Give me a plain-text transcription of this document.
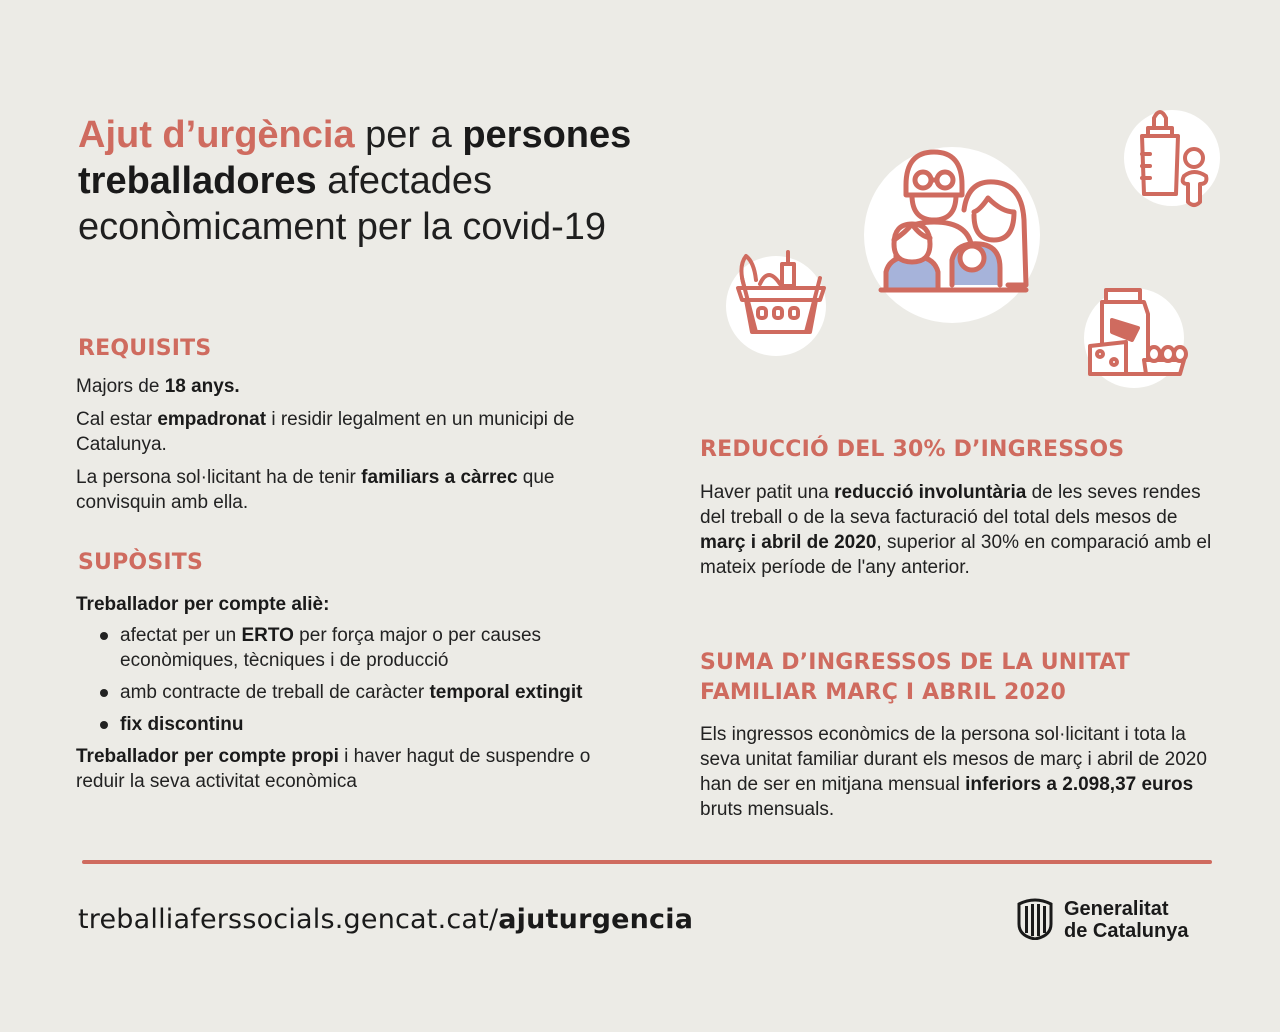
Ajut d’urgència per a persones
treballadores afectades
econòmicament per la covid-19
REQUISITS

Majors de 18 anys.

Cal estar empadronat i residir legalment en un municipi de Catalunya.

La persona sol·licitant ha de tenir familiars a càrrec que convisquin amb ella.

SUPÒSITS

Treballador per compte aliè:

afectat per un ERTO per força major o per causes econòmiques, tècniques i de producció
amb contracte de treball de caràcter temporal extingit
fix discontinu

Treballador per compte propi i haver hagut de suspendre o reduir la seva activitat econòmica

REDUCCIÓ DEL 30% D’INGRESSOS
Haver patit una reducció involuntària de les seves rendes del treball o de la seva facturació del total dels mesos de març i abril de 2020, superior al 30% en comparació amb el mateix període de l'any anterior.
SUMA D’INGRESSOS DE LA UNITAT FAMILIAR MARÇ I ABRIL 2020
Els ingressos econòmics de la persona sol·licitant i tota la seva unitat familiar durant els mesos de març i abril de 2020 han de ser en mitjana mensual inferiors a 2.098,37 euros bruts mensuals.
treballiaferssocials.gencat.cat/ajuturgencia	Generalitat
de Catalunya
